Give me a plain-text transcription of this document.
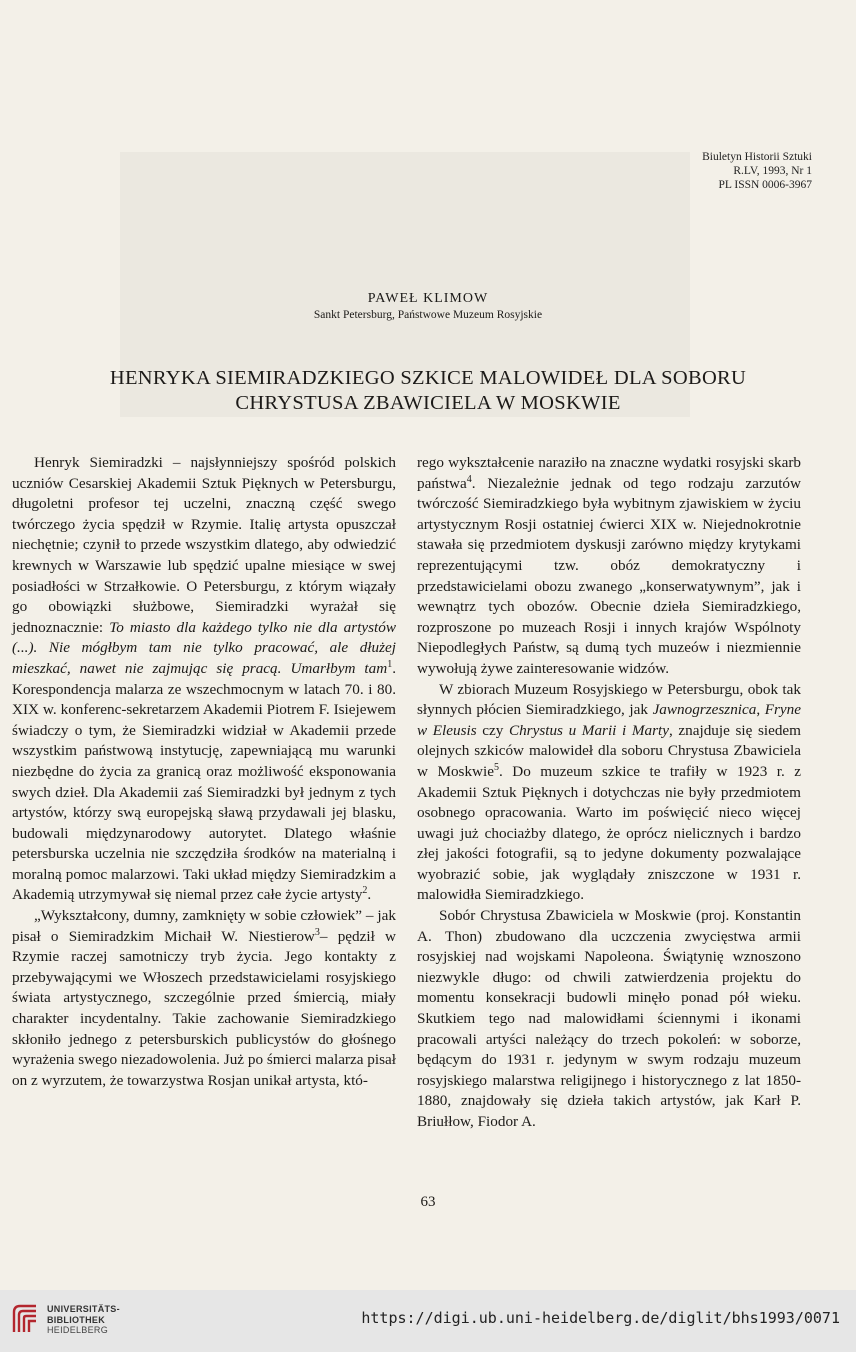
Biuletyn Historii Sztuki
R.LV, 1993, Nr 1
PL ISSN 0006-3967
PAWEŁ KLIMOW
Sankt Petersburg, Państwowe Muzeum Rosyjskie
HENRYKA SIEMIRADZKIEGO SZKICE MALOWIDEŁ DLA SOBORU
CHRYSTUSA ZBAWICIELA W MOSKWIE

Henryk Siemiradzki – najsłynniejszy spośród polskich uczniów Cesarskiej Akademii Sztuk Pięknych w Petersburgu, długoletni profesor tej uczelni, znaczną część swego twórczego życia spędził w Rzymie. Italię artysta opuszczał niechętnie; czynił to przede wszystkim dlatego, aby odwiedzić krewnych w Warszawie lub spędzić upalne miesiące w swej posiadłości w Strzałkowie. O Petersburgu, z którym wiązały go obowiązki służbowe, Siemiradzki wyrażał się jednoznacznie: To miasto dla każdego tylko nie dla artystów (...). Nie mógłbym tam nie tylko pracować, ale dłużej mieszkać, nawet nie zajmując się pracą. Umarłbym tam$^1$. Korespondencja malarza ze wszechmocnym w latach 70. i 80. XIX w. konferenc-sekretarzem Akademii Piotrem F. Isiejewem świadczy o tym, że Siemiradzki widział w Akademii przede wszystkim państwową instytucję, zapewniającą mu warunki niezbędne do życia za granicą oraz możliwość eksponowania swych dzieł. Dla Akademii zaś Siemiradzki był jednym z tych artystów, którzy swą europejską sławą przydawali jej blasku, budowali międzynarodowy autorytet. Dlatego właśnie petersburska uczelnia nie szczędziła środków na materialną i moralną pomoc malarzowi. Taki układ między Siemiradzkim a Akademią utrzymywał się niemal przez całe życie artysty$^2$.

„Wykształcony, dumny, zamknięty w sobie człowiek” – jak pisał o Siemiradzkim Michaił W. Niestierow$^3$– pędził w Rzymie raczej samotniczy tryb życia. Jego kontakty z przebywającymi we Włoszech przedstawicielami rosyjskiego świata artystycznego, szczególnie przed śmiercią, miały charakter incydentalny. Takie zachowanie Siemiradzkiego skłoniło jednego z petersburskich publicystów do głośnego wyrażenia swego niezadowolenia. Już po śmierci malarza pisał on z wyrzutem, że towarzystwa Rosjan unikał artysta, któ-

rego wykształcenie naraziło na znaczne wydatki rosyjski skarb państwa$^4$. Niezależnie jednak od tego rodzaju zarzutów twórczość Siemiradzkiego była wybitnym zjawiskiem w życiu artystycznym Rosji ostatniej ćwierci XIX w. Niejednokrotnie stawała się przedmiotem dyskusji zarówno między krytykami reprezentującymi tzw. obóz demokratyczny i przedstawicielami obozu zwanego „konserwatywnym”, jak i wewnątrz tych obozów. Obecnie dzieła Siemiradzkiego, rozproszone po muzeach Rosji i innych krajów Wspólnoty Niepodległych Państw, są dumą tych muzeów i niezmiennie wywołują żywe zainteresowanie widzów.

W zbiorach Muzeum Rosyjskiego w Petersburgu, obok tak słynnych płócien Siemiradzkiego, jak Jawnogrzesznica, Fryne w Eleusis czy Chrystus u Marii i Marty, znajduje się siedem olejnych szkiców malowideł dla soboru Chrystusa Zbawiciela w Moskwie$^5$. Do muzeum szkice te trafiły w 1923 r. z Akademii Sztuk Pięknych i dotychczas nie były przedmiotem osobnego opracowania. Warto im poświęcić nieco więcej uwagi już chociażby dlatego, że oprócz nielicznych i bardzo złej jakości fotografii, są to jedyne dokumenty pozwalające wyobrazić sobie, jak wyglądały zniszczone w 1931 r. malowidła Siemiradzkiego.

Sobór Chrystusa Zbawiciela w Moskwie (proj. Konstantin A. Thon) zbudowano dla uczczenia zwycięstwa armii rosyjskiej nad wojskami Napoleona. Świątynię wznoszono niezwykle długo: od chwili zatwierdzenia projektu do momentu konsekracji budowli minęło ponad pół wieku. Skutkiem tego nad malowidłami ściennymi i ikonami pracowali artyści należący do trzech pokoleń: w soborze, będącym do 1931 r. jedynym w swym rodzaju muzeum rosyjskiego malarstwa religijnego i historycznego z lat 1850-1880, znajdowały się dzieła takich artystów, jak Karł P. Briułłow, Fiodor A.

63
UNIVERSITÄTS-
BIBLIOTHEK
HEIDELBERG
https://digi.ub.uni-heidelberg.de/diglit/bhs1993/0071
